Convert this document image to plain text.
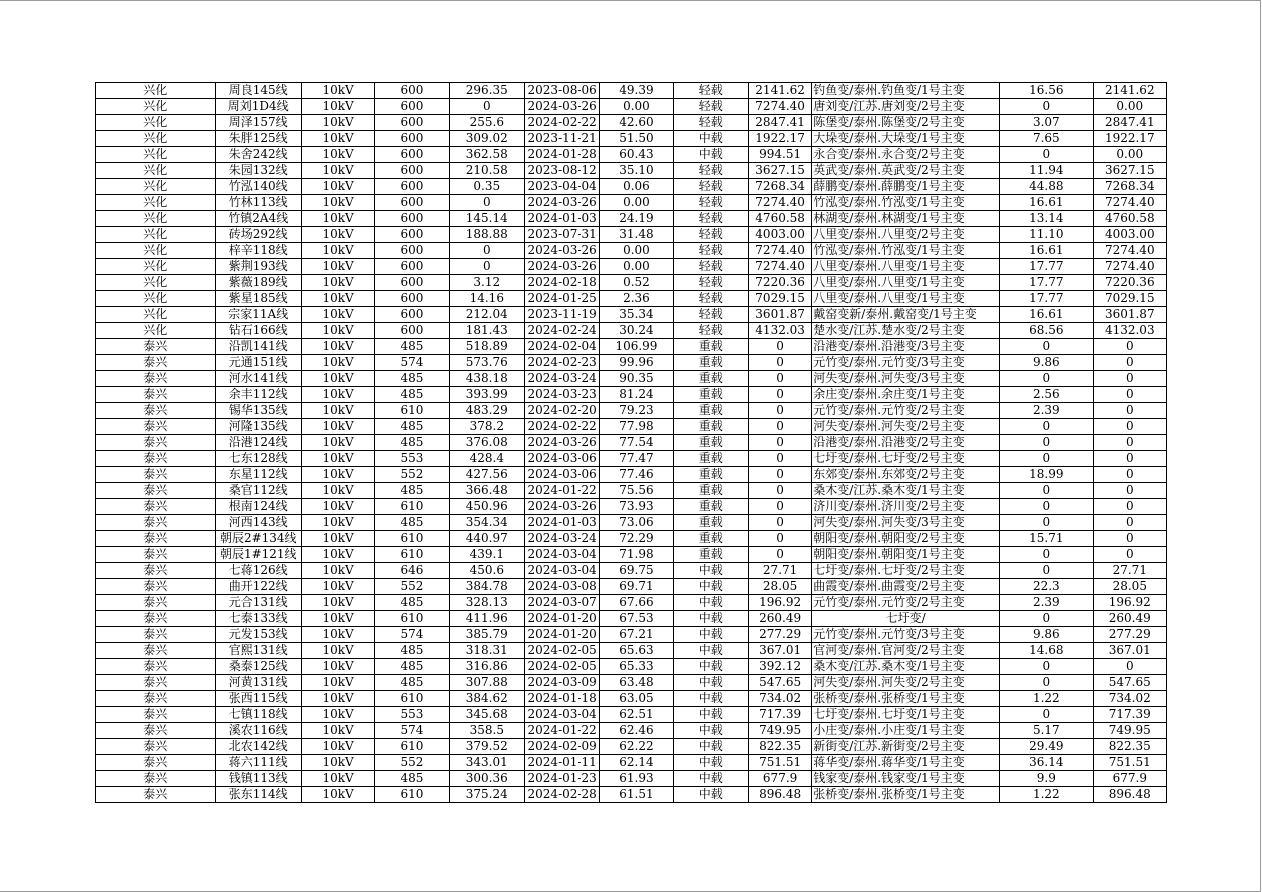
兴化	周良145线	10kV	600	296.35	2023-08-06	49.39	轻载	2141.62	钓鱼变/泰州.钓鱼变/1号主变	16.56	2141.62
兴化	周刘1D4线	10kV	600	0	2024-03-26	0.00	轻载	7274.40	唐刘变/江苏.唐刘变/2号主变	0	0.00
兴化	周泽157线	10kV	600	255.6	2024-02-22	42.60	轻载	2847.41	陈堡变/泰州.陈堡变/2号主变	3.07	2847.41
兴化	朱胖125线	10kV	600	309.02	2023-11-21	51.50	中载	1922.17	大垛变/泰州.大垛变/1号主变	7.65	1922.17
兴化	朱舍242线	10kV	600	362.58	2024-01-28	60.43	中载	994.51	永合变/泰州.永合变/2号主变	0	0.00
兴化	朱园132线	10kV	600	210.58	2023-08-12	35.10	轻载	3627.15	英武变/泰州.英武变/2号主变	11.94	3627.15
兴化	竹泓140线	10kV	600	0.35	2023-04-04	0.06	轻载	7268.34	薛鹏变/泰州.薛鹏变/1号主变	44.88	7268.34
兴化	竹林113线	10kV	600	0	2024-03-26	0.00	轻载	7274.40	竹泓变/泰州.竹泓变/1号主变	16.61	7274.40
兴化	竹镇2A4线	10kV	600	145.14	2024-01-03	24.19	轻载	4760.58	林湖变/泰州.林湖变/1号主变	13.14	4760.58
兴化	砖场292线	10kV	600	188.88	2023-07-31	31.48	轻载	4003.00	八里变/泰州.八里变/2号主变	11.10	4003.00
兴化	梓辛118线	10kV	600	0	2024-03-26	0.00	轻载	7274.40	竹泓变/泰州.竹泓变/1号主变	16.61	7274.40
兴化	紫荆193线	10kV	600	0	2024-03-26	0.00	轻载	7274.40	八里变/泰州.八里变/1号主变	17.77	7274.40
兴化	紫薇189线	10kV	600	3.12	2024-02-18	0.52	轻载	7220.36	八里变/泰州.八里变/1号主变	17.77	7220.36
兴化	紫星185线	10kV	600	14.16	2024-01-25	2.36	轻载	7029.15	八里变/泰州.八里变/1号主变	17.77	7029.15
兴化	宗家11A线	10kV	600	212.04	2023-11-19	35.34	轻载	3601.87	戴窑变新/泰州.戴窑变/1号主变	16.61	3601.87
兴化	钻石166线	10kV	600	181.43	2024-02-24	30.24	轻载	4132.03	楚水变/江苏.楚水变/2号主变	68.56	4132.03
泰兴	沿凯141线	10kV	485	518.89	2024-02-04	106.99	重载	0	沿港变/泰州.沿港变/3号主变	0	0
泰兴	元通151线	10kV	574	573.76	2024-02-23	99.96	重载	0	元竹变/泰州.元竹变/3号主变	9.86	0
泰兴	河水141线	10kV	485	438.18	2024-03-24	90.35	重载	0	河失变/泰州.河失变/3号主变	0	0
泰兴	余丰112线	10kV	485	393.99	2024-03-23	81.24	重载	0	余庄变/泰州.余庄变/1号主变	2.56	0
泰兴	锡华135线	10kV	610	483.29	2024-02-20	79.23	重载	0	元竹变/泰州.元竹变/2号主变	2.39	0
泰兴	河隆135线	10kV	485	378.2	2024-02-22	77.98	重载	0	河失变/泰州.河失变/2号主变	0	0
泰兴	沿港124线	10kV	485	376.08	2024-03-26	77.54	重载	0	沿港变/泰州.沿港变/2号主变	0	0
泰兴	七东128线	10kV	553	428.4	2024-03-06	77.47	重载	0	七圩变/泰州.七圩变/2号主变	0	0
泰兴	东星112线	10kV	552	427.56	2024-03-06	77.46	重载	0	东郊变/泰州.东郊变/2号主变	18.99	0
泰兴	桑官112线	10kV	485	366.48	2024-01-22	75.56	重载	0	桑木变/江苏.桑木变/1号主变	0	0
泰兴	根南124线	10kV	610	450.96	2024-03-26	73.93	重载	0	济川变/泰州.济川变/2号主变	0	0
泰兴	河西143线	10kV	485	354.34	2024-01-03	73.06	重载	0	河失变/泰州.河失变/3号主变	0	0
泰兴	朝辰2#134线	10kV	610	440.97	2024-03-24	72.29	重载	0	朝阳变/泰州.朝阳变/2号主变	15.71	0
泰兴	朝辰1#121线	10kV	610	439.1	2024-03-04	71.98	重载	0	朝阳变/泰州.朝阳变/1号主变	0	0
泰兴	七蒋126线	10kV	646	450.6	2024-03-04	69.75	中载	27.71	七圩变/泰州.七圩变/2号主变	0	27.71
泰兴	曲开122线	10kV	552	384.78	2024-03-08	69.71	中载	28.05	曲霞变/泰州.曲霞变/2号主变	22.3	28.05
泰兴	元合131线	10kV	485	328.13	2024-03-07	67.66	中载	196.92	元竹变/泰州.元竹变/2号主变	2.39	196.92
泰兴	七泰133线	10kV	610	411.96	2024-01-20	67.53	中载	260.49	七圩变/	0	260.49
泰兴	元发153线	10kV	574	385.79	2024-01-20	67.21	中载	277.29	元竹变/泰州.元竹变/3号主变	9.86	277.29
泰兴	官熙131线	10kV	485	318.31	2024-02-05	65.63	中载	367.01	官河变/泰州.官河变/2号主变	14.68	367.01
泰兴	桑泰125线	10kV	485	316.86	2024-02-05	65.33	中载	392.12	桑木变/江苏.桑木变/1号主变	0	0
泰兴	河黄131线	10kV	485	307.88	2024-03-09	63.48	中载	547.65	河失变/泰州.河失变/2号主变	0	547.65
泰兴	张西115线	10kV	610	384.62	2024-01-18	63.05	中载	734.02	张桥变/泰州.张桥变/1号主变	1.22	734.02
泰兴	七镇118线	10kV	553	345.68	2024-03-04	62.51	中载	717.39	七圩变/泰州.七圩变/1号主变	0	717.39
泰兴	溪农116线	10kV	574	358.5	2024-01-22	62.46	中载	749.95	小庄变/泰州.小庄变/1号主变	5.17	749.95
泰兴	北农142线	10kV	610	379.52	2024-02-09	62.22	中载	822.35	新街变/江苏.新街变/2号主变	29.49	822.35
泰兴	蒋六111线	10kV	552	343.01	2024-01-11	62.14	中载	751.51	蒋华变/泰州.蒋华变/1号主变	36.14	751.51
泰兴	钱镇113线	10kV	485	300.36	2024-01-23	61.93	中载	677.9	钱家变/泰州.钱家变/1号主变	9.9	677.9
泰兴	张东114线	10kV	610	375.24	2024-02-28	61.51	中载	896.48	张桥变/泰州.张桥变/1号主变	1.22	896.48
